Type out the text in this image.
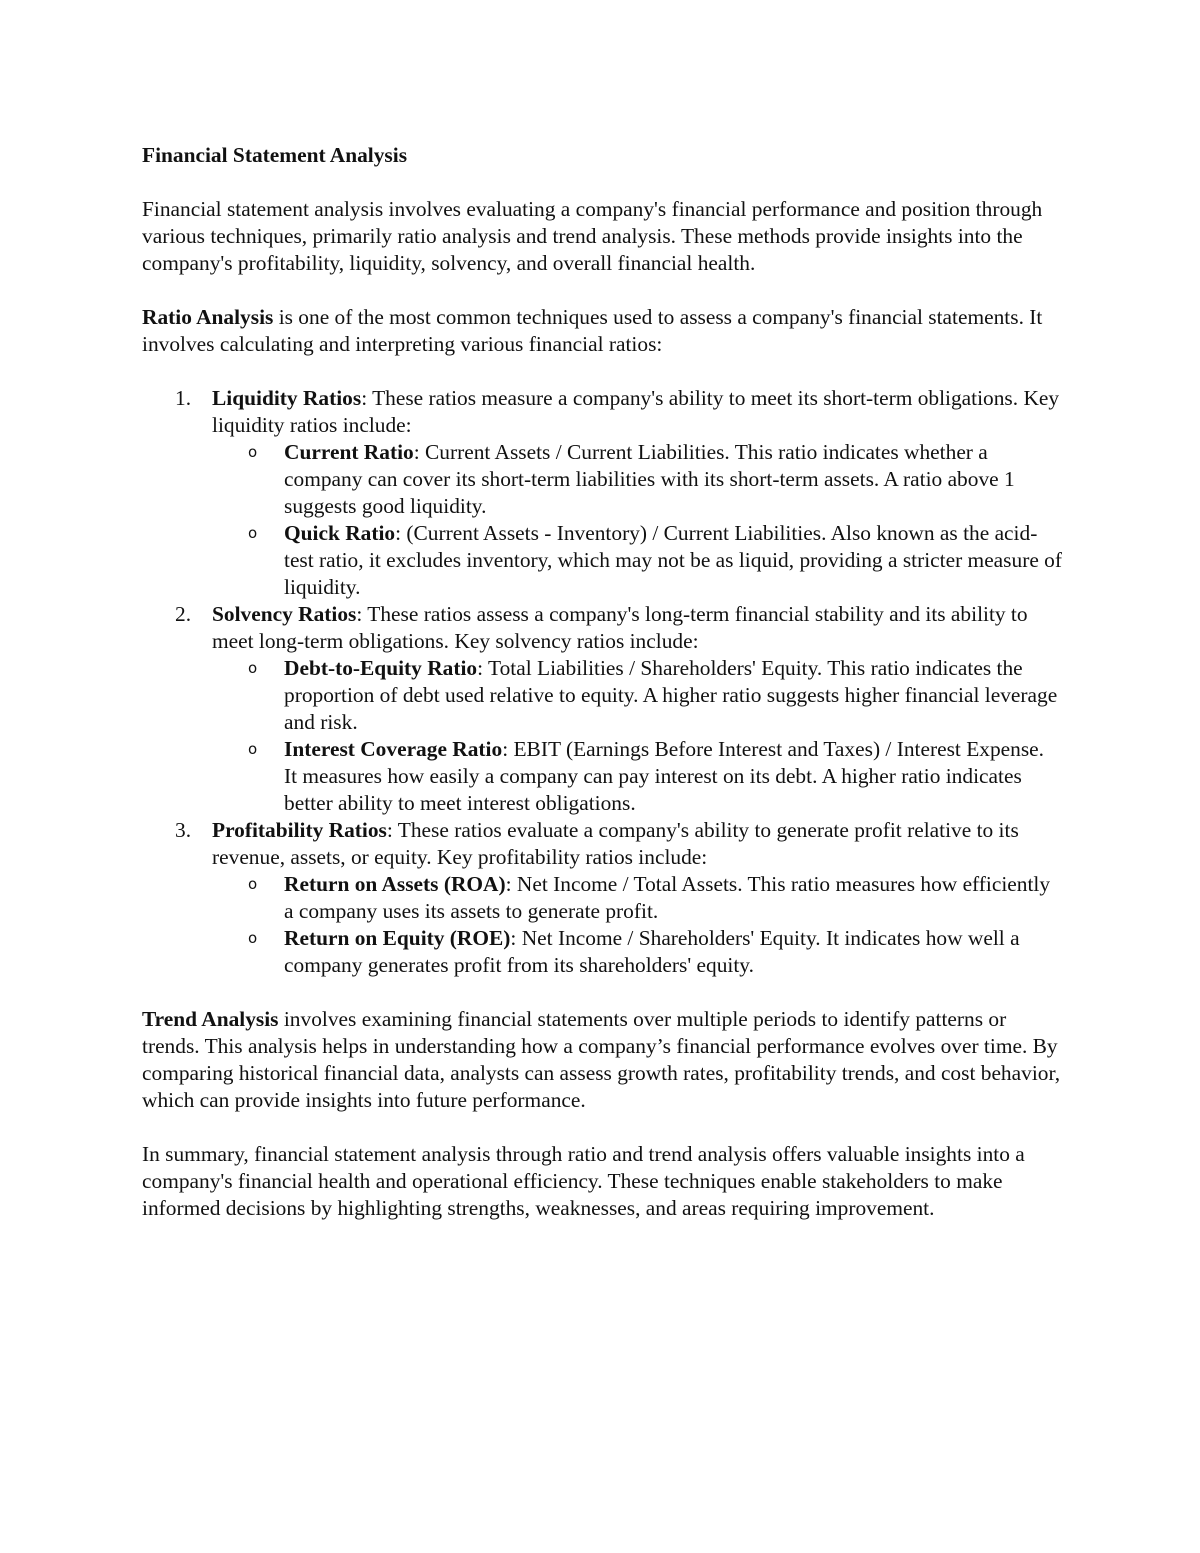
Financial Statement Analysis

Financial statement analysis involves evaluating a company's financial performance and position through various techniques, primarily ratio analysis and trend analysis. These methods provide insights into the company's profitability, liquidity, solvency, and overall financial health.

Ratio Analysis is one of the most common techniques used to assess a company's financial statements. It involves calculating and interpreting various financial ratios:

1. Liquidity Ratios: These ratios measure a company's ability to meet its short-term obligations. Key liquidity ratios include:
o Current Ratio: Current Assets / Current Liabilities. This ratio indicates whether a company can cover its short-term liabilities with its short-term assets. A ratio above 1 suggests good liquidity.
o Quick Ratio: (Current Assets - Inventory) / Current Liabilities. Also known as the acid-test ratio, it excludes inventory, which may not be as liquid, providing a stricter measure of liquidity.
2. Solvency Ratios: These ratios assess a company's long-term financial stability and its ability to meet long-term obligations. Key solvency ratios include:
o Debt-to-Equity Ratio: Total Liabilities / Shareholders' Equity. This ratio indicates the proportion of debt used relative to equity. A higher ratio suggests higher financial leverage and risk.
o Interest Coverage Ratio: EBIT (Earnings Before Interest and Taxes) / Interest Expense. It measures how easily a company can pay interest on its debt. A higher ratio indicates better ability to meet interest obligations.
3. Profitability Ratios: These ratios evaluate a company's ability to generate profit relative to its revenue, assets, or equity. Key profitability ratios include:
o Return on Assets (ROA): Net Income / Total Assets. This ratio measures how efficiently a company uses its assets to generate profit.
o Return on Equity (ROE): Net Income / Shareholders' Equity. It indicates how well a company generates profit from its shareholders' equity.

Trend Analysis involves examining financial statements over multiple periods to identify patterns or trends. This analysis helps in understanding how a company’s financial performance evolves over time. By comparing historical financial data, analysts can assess growth rates, profitability trends, and cost behavior, which can provide insights into future performance.

In summary, financial statement analysis through ratio and trend analysis offers valuable insights into a company's financial health and operational efficiency. These techniques enable stakeholders to make informed decisions by highlighting strengths, weaknesses, and areas requiring improvement.
